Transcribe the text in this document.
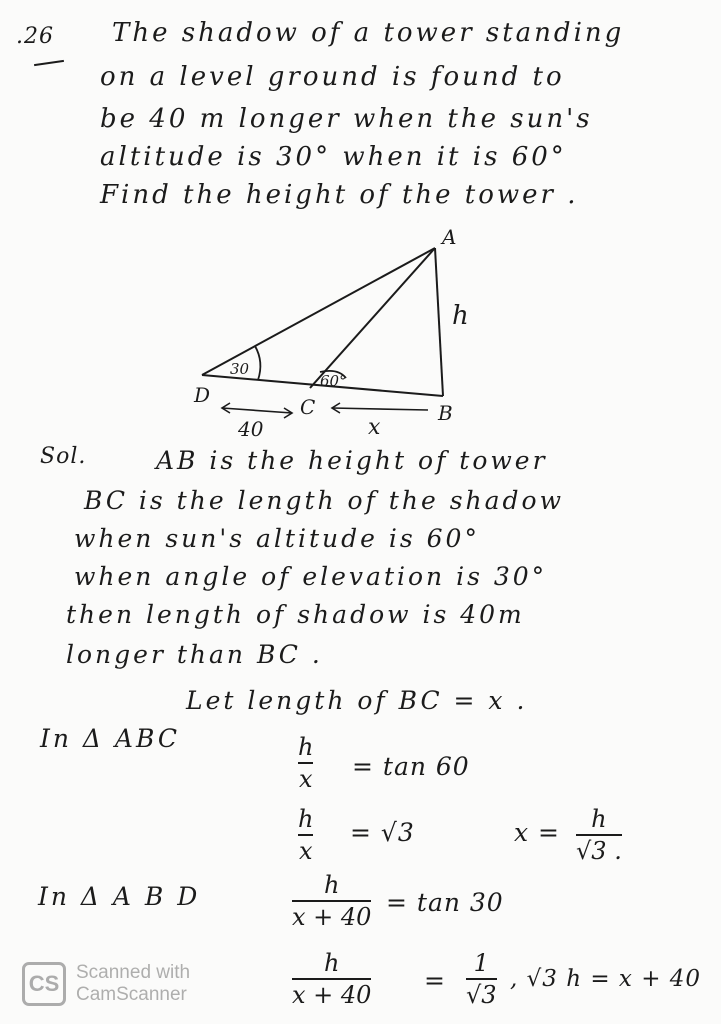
.26 The shadow of a tower standing
on a level ground is found to
be 40 m longer when the sun's
altitude is 30° when it is 60°
Find the height of the tower .
A
B
C
D
h
30
60°
40	x
Sol.	AB is the height of tower
BC is the length of the shadow
when sun's altitude is 60°
when angle of elevation is 30°
then length of shadow is 40m
longer than BC .
Let length of BC = x .
In Δ ABC	h
x = tan 60
h
x
= √3	x = h
√3 .
In Δ A B D	h
x + 40
= tan 30
h
x + 40
=
1
√3
, √3 h = x + 40
CS Scanned with
CamScanner
